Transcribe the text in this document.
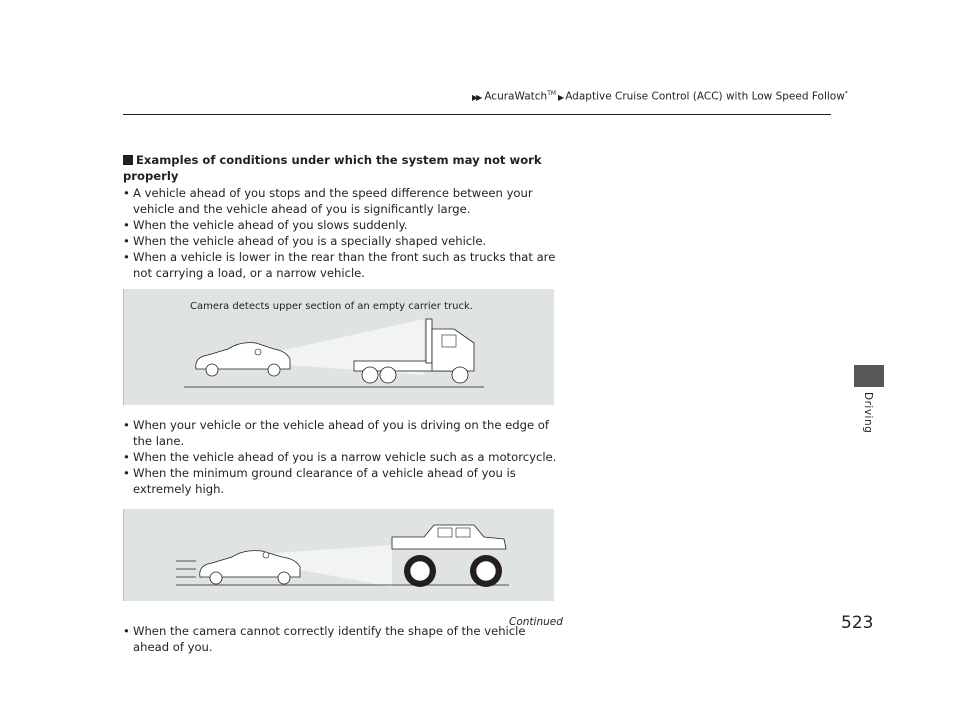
▶▶ AcuraWatch™ ▶ Adaptive Cruise Control (ACC) with Low Speed Follow*
Examples of conditions under which the system may not work properly
• A vehicle ahead of you stops and the speed difference between your vehicle and the vehicle ahead of you is significantly large.
• When the vehicle ahead of you slows suddenly.
• When the vehicle ahead of you is a specially shaped vehicle.
• When a vehicle is lower in the rear than the front such as trucks that are not carrying a load, or a narrow vehicle.
Camera detects upper section of an empty carrier truck.
• When your vehicle or the vehicle ahead of you is driving on the edge of the lane.
• When the vehicle ahead of you is a narrow vehicle such as a motorcycle.
• When the minimum ground clearance of a vehicle ahead of you is extremely high.
• When the camera cannot correctly identify the shape of the vehicle ahead of you.
Driving
Continued	523
